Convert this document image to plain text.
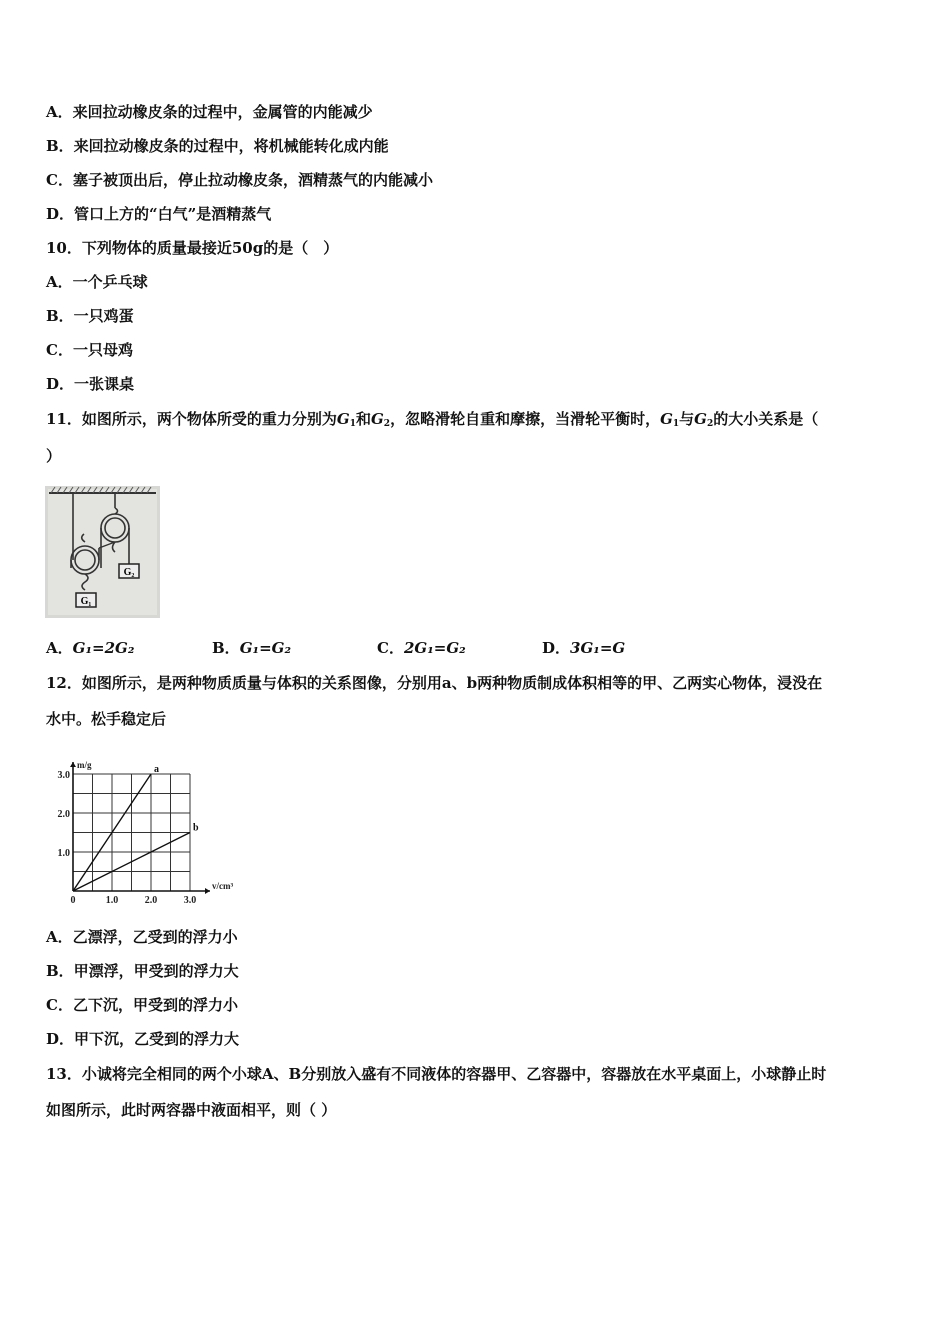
A．来回拉动橡皮条的过程中，金属管的内能减少
B．来回拉动橡皮条的过程中，将机械能转化成内能
C．塞子被顶出后，停止拉动橡皮条，酒精蒸气的内能减小
D．管口上方的“白气”是酒精蒸气
10．下列物体的质量最接近50g的是（　）
A．一个乒乓球
B．一只鸡蛋
C．一只母鸡
D．一张课桌
11．如图所示，两个物体所受的重力分别为$G_1$和$G_2$，忽略滑轮自重和摩擦，当滑轮平衡时，$G_1$与$G_2$的大小关系是（
）
G₁
G₂
A．G₁=2G₂	B．G₁=G₂	C．2G₁=G₂	D．3G₁=G
12．如图所示，是两种物质质量与体积的关系图像，分别用a、b两种物质制成体积相等的甲、乙两实心物体，浸没在
水中。松手稳定后
a
b
0	1.0	2.0	3.0
1.0
2.0
3.0
v/cm³
m/g
A．乙漂浮，乙受到的浮力小
B．甲漂浮，甲受到的浮力大
C．乙下沉，甲受到的浮力小
D．甲下沉，乙受到的浮力大
13．小诚将完全相同的两个小球A、B分别放入盛有不同液体的容器甲、乙容器中，容器放在水平桌面上，小球静止时
如图所示，此时两容器中液面相平，则（ ）
